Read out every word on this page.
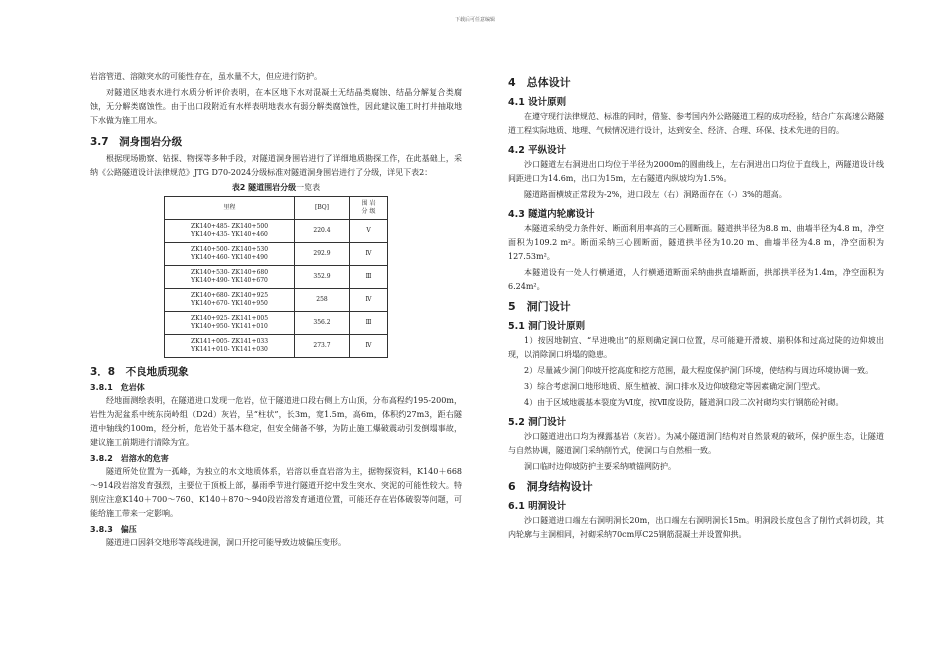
下载后可任意编辑

岩溶管道、溶隙突水的可能性存在，虽水量不大，但应进行防护。

对隧道区地表水进行水质分析评价表明，在本区地下水对混凝土无结晶类腐蚀、结晶分解复合类腐蚀，无分解类腐蚀性。由于出口段附近有水样表明地表水有弱分解类腐蚀性，因此建议施工时打井抽取地下水做为施工用水。

3.7　洞身围岩分级

根据现场勘察、钻探、物探等多种手段，对隧道洞身围岩进行了详细地质勘探工作，在此基础上，采纳《公路隧道设计法律规范》JTG D70-2024分级标准对隧道洞身围岩进行了分级，详见下表2：

表2 隧道围岩分级一览表
里程	[BQ]	围 岩
分 级

ZK140+485- ZK140+500
YK140+435- YK140+460	220.4	Ⅴ

ZK140+500- ZK140+530
YK140+460- YK140+490	292.9	Ⅳ

ZK140+530- ZK140+680
YK140+490- YK140+670	352.9	Ⅲ

ZK140+680- ZK140+925
YK140+670- YK140+950	258	Ⅳ

ZK140+925- ZK141+005
YK140+950- YK141+010	356.2	Ⅲ

ZK141+005- ZK141+033
YK141+010- YK141+030	273.7	Ⅳ
3．8　不良地质现象
3.8.1　危岩体

经地面测绘表明，在隧道进口发现一危岩，位于隧道进口段右侧上方山顶，分布高程约195-200m，岩性为泥盆系中统东岗岭组（D2d）灰岩，呈“柱状”，长3m，宽1.5m，高6m，体积约27m3，距右隧道中轴线约100m，经分析，危岩处于基本稳定，但安全储备不够，为防止施工爆破震动引发倒塌事故，建议施工前期进行清除为宜。

3.8.2　岩溶水的危害

隧道所处位置为一孤峰，为独立的水文地质体系，岩溶以垂直岩溶为主，据物探资料，K140＋668～914段岩溶发育强烈，主要位于顶板上部，暴雨季节进行隧道开挖中发生突水、突泥的可能性较大。特别应注意K140＋700～760、K140＋870～940段岩溶发育通道位置，可能还存在岩体破裂等问题，可能给施工带来一定影响。

3.8.3　偏压

隧道进口因斜交地形等高线进洞，洞口开挖可能导致边坡偏压变形。

4　总体设计
4.1 设计原则

在遵守现行法律规范、标准的同时，借鉴、参考国内外公路隧道工程的成功经验，结合广东高速公路隧道工程实际地质、地理、气候情况进行设计，达到安全、经济、合理、环保、技术先进的目的。

4.2 平纵设计

沙口隧道左右洞进出口均位于半径为2000m的圆曲线上，左右洞进出口均位于直线上，两隧道设计线间距进口为14.6m，出口为15m，左右隧道内纵坡均为1.5%。

隧道路面横坡正常段为-2%，进口段左（右）洞路面存在（-）3%的超高。

4.3 隧道内轮廓设计

本隧道采纳受力条件好、断面利用率高的三心圆断面。隧道拱半径为8.8 m、曲墙半径为4.8 m，净空面积为109.2 m²。断面采纳三心圆断面，隧道拱半径为10.20 m、曲墙半径为4.8 m，净空面积为127.53m²。

本隧道设有一处人行横通道，人行横通道断面采纳曲拱直墙断面，拱部拱半径为1.4m，净空面积为6.24m²。

5　洞门设计
5.1 洞门设计原则

1）按因地制宜、“早进晚出”的原则确定洞口位置，尽可能避开滑坡、崩积体和过高过陡的边仰坡出现，以消除洞口坍塌的隐患。

2）尽量减少洞门仰坡开挖高度和挖方范围，最大程度保护洞门环境，使结构与周边环境协调一致。

3）综合考虑洞口地形地质、原生植被、洞口排水及边仰坡稳定等因素确定洞门型式。

4）由于区域地震基本裂度为Ⅵ度，按Ⅶ度设防，隧道洞口段二次衬砌均实行钢筋砼衬砌。

5.2 洞门设计

沙口隧道进出口均为裸露基岩（灰岩）。为减小隧道洞门结构对自然景观的破坏，保护原生态，让隧道与自然协调，隧道洞门采纳削竹式，使洞口与自然相一致。

洞口临时边仰坡防护主要采纳喷锚网防护。

6　洞身结构设计
6.1 明洞设计

沙口隧道进口端左右洞明洞长20m，出口端左右洞明洞长15m。明洞段长度包含了削竹式斜切段，其内轮廓与主洞相同，衬砌采纳70cm厚C25钢筋混凝土并设置仰拱。
